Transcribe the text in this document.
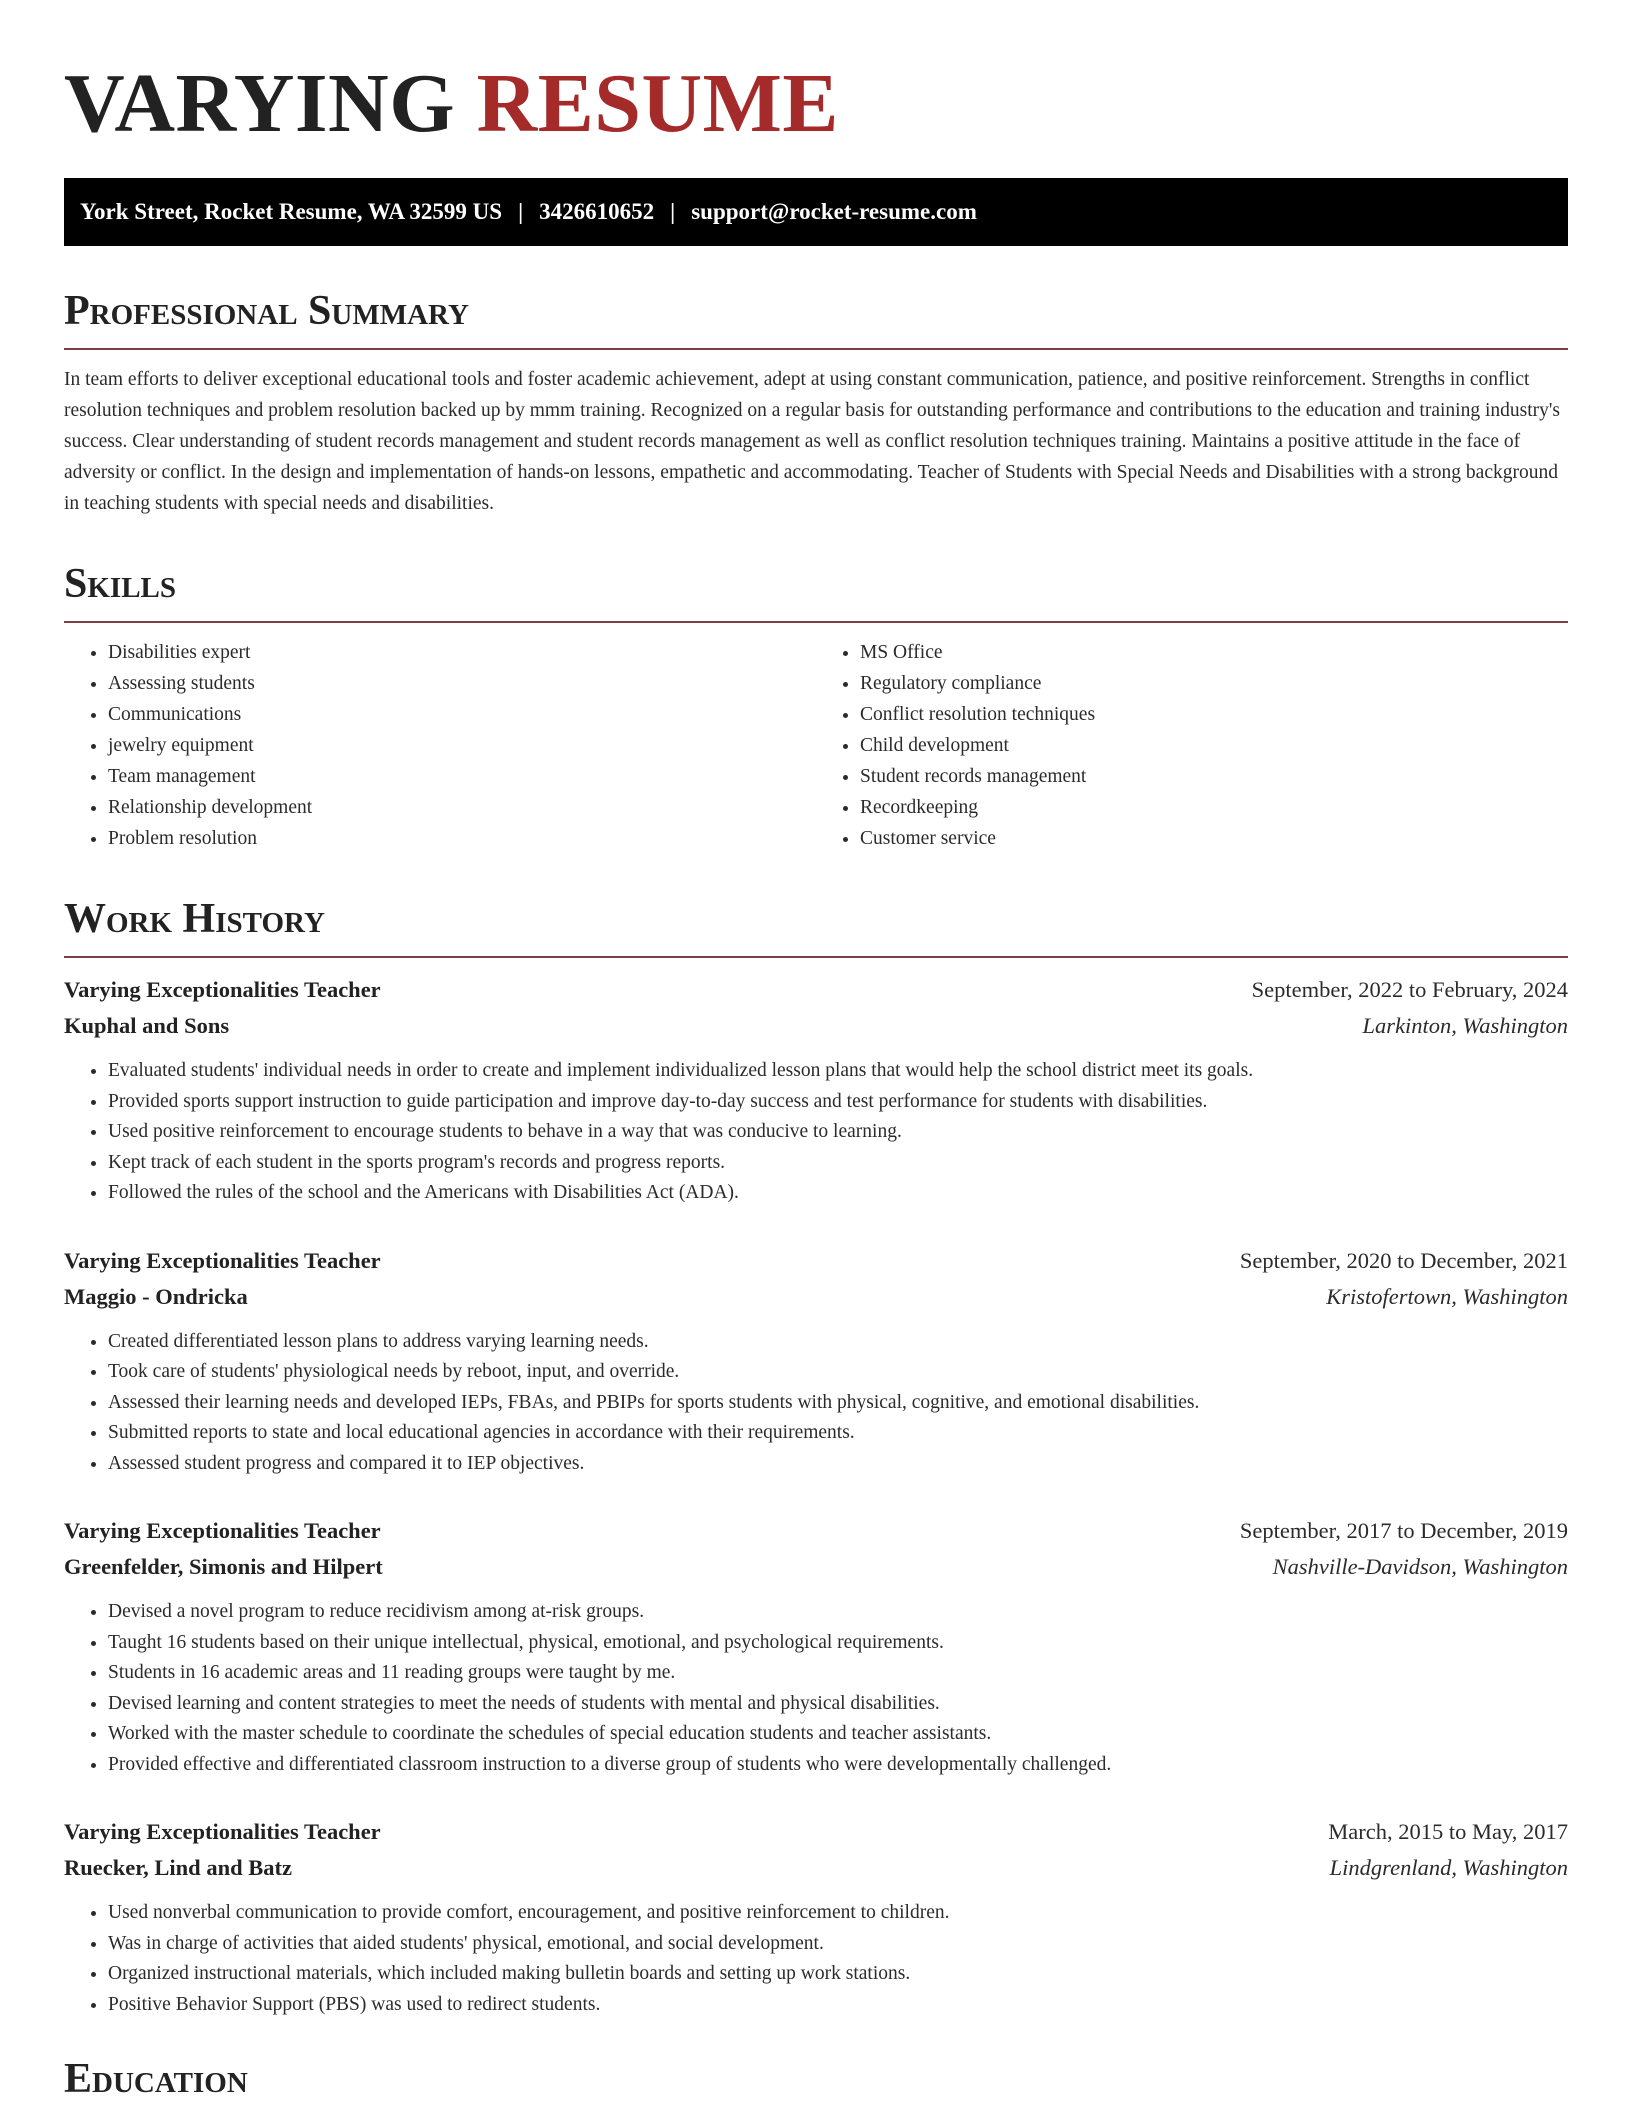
VARYING RESUME
York Street, Rocket Resume, WA 32599 US | 3426610652 | support@rocket-resume.com
Professional Summary

In team efforts to deliver exceptional educational tools and foster academic achievement, adept at using constant communication, patience, and positive reinforcement. Strengths in conflict resolution techniques and problem resolution backed up by mmm training. Recognized on a regular basis for outstanding performance and contributions to the education and training industry's success. Clear understanding of student records management and student records management as well as conflict resolution techniques training. Maintains a positive attitude in the face of adversity or conflict. In the design and implementation of hands-on lessons, empathetic and accommodating. Teacher of Students with Special Needs and Disabilities with a strong background in teaching students with special needs and disabilities.

Skills
• Disabilities expert
• Assessing students
• Communications
• jewelry equipment
• Team management
• Relationship development
• Problem resolution
• MS Office
• Regulatory compliance
• Conflict resolution techniques
• Child development
• Student records management
• Recordkeeping
• Customer service
Work History
Varying Exceptionalities Teacher	September, 2022 to February, 2024
Kuphal and Sons	Larkinton, Washington
• Evaluated students' individual needs in order to create and implement individualized lesson plans that would help the school district meet its goals.
• Provided sports support instruction to guide participation and improve day-to-day success and test performance for students with disabilities.
• Used positive reinforcement to encourage students to behave in a way that was conducive to learning.
• Kept track of each student in the sports program's records and progress reports.
• Followed the rules of the school and the Americans with Disabilities Act (ADA).
Varying Exceptionalities Teacher	September, 2020 to December, 2021
Maggio - Ondricka	Kristofertown, Washington
• Created differentiated lesson plans to address varying learning needs.
• Took care of students' physiological needs by reboot, input, and override.
• Assessed their learning needs and developed IEPs, FBAs, and PBIPs for sports students with physical, cognitive, and emotional disabilities.
• Submitted reports to state and local educational agencies in accordance with their requirements.
• Assessed student progress and compared it to IEP objectives.
Varying Exceptionalities Teacher	September, 2017 to December, 2019
Greenfelder, Simonis and Hilpert	Nashville-Davidson, Washington
• Devised a novel program to reduce recidivism among at-risk groups.
• Taught 16 students based on their unique intellectual, physical, emotional, and psychological requirements.
• Students in 16 academic areas and 11 reading groups were taught by me.
• Devised learning and content strategies to meet the needs of students with mental and physical disabilities.
• Worked with the master schedule to coordinate the schedules of special education students and teacher assistants.
• Provided effective and differentiated classroom instruction to a diverse group of students who were developmentally challenged.
Varying Exceptionalities Teacher	March, 2015 to May, 2017
Ruecker, Lind and Batz	Lindgrenland, Washington
• Used nonverbal communication to provide comfort, encouragement, and positive reinforcement to children.
• Was in charge of activities that aided students' physical, emotional, and social development.
• Organized instructional materials, which included making bulletin boards and setting up work stations.
• Positive Behavior Support (PBS) was used to redirect students.
Education
